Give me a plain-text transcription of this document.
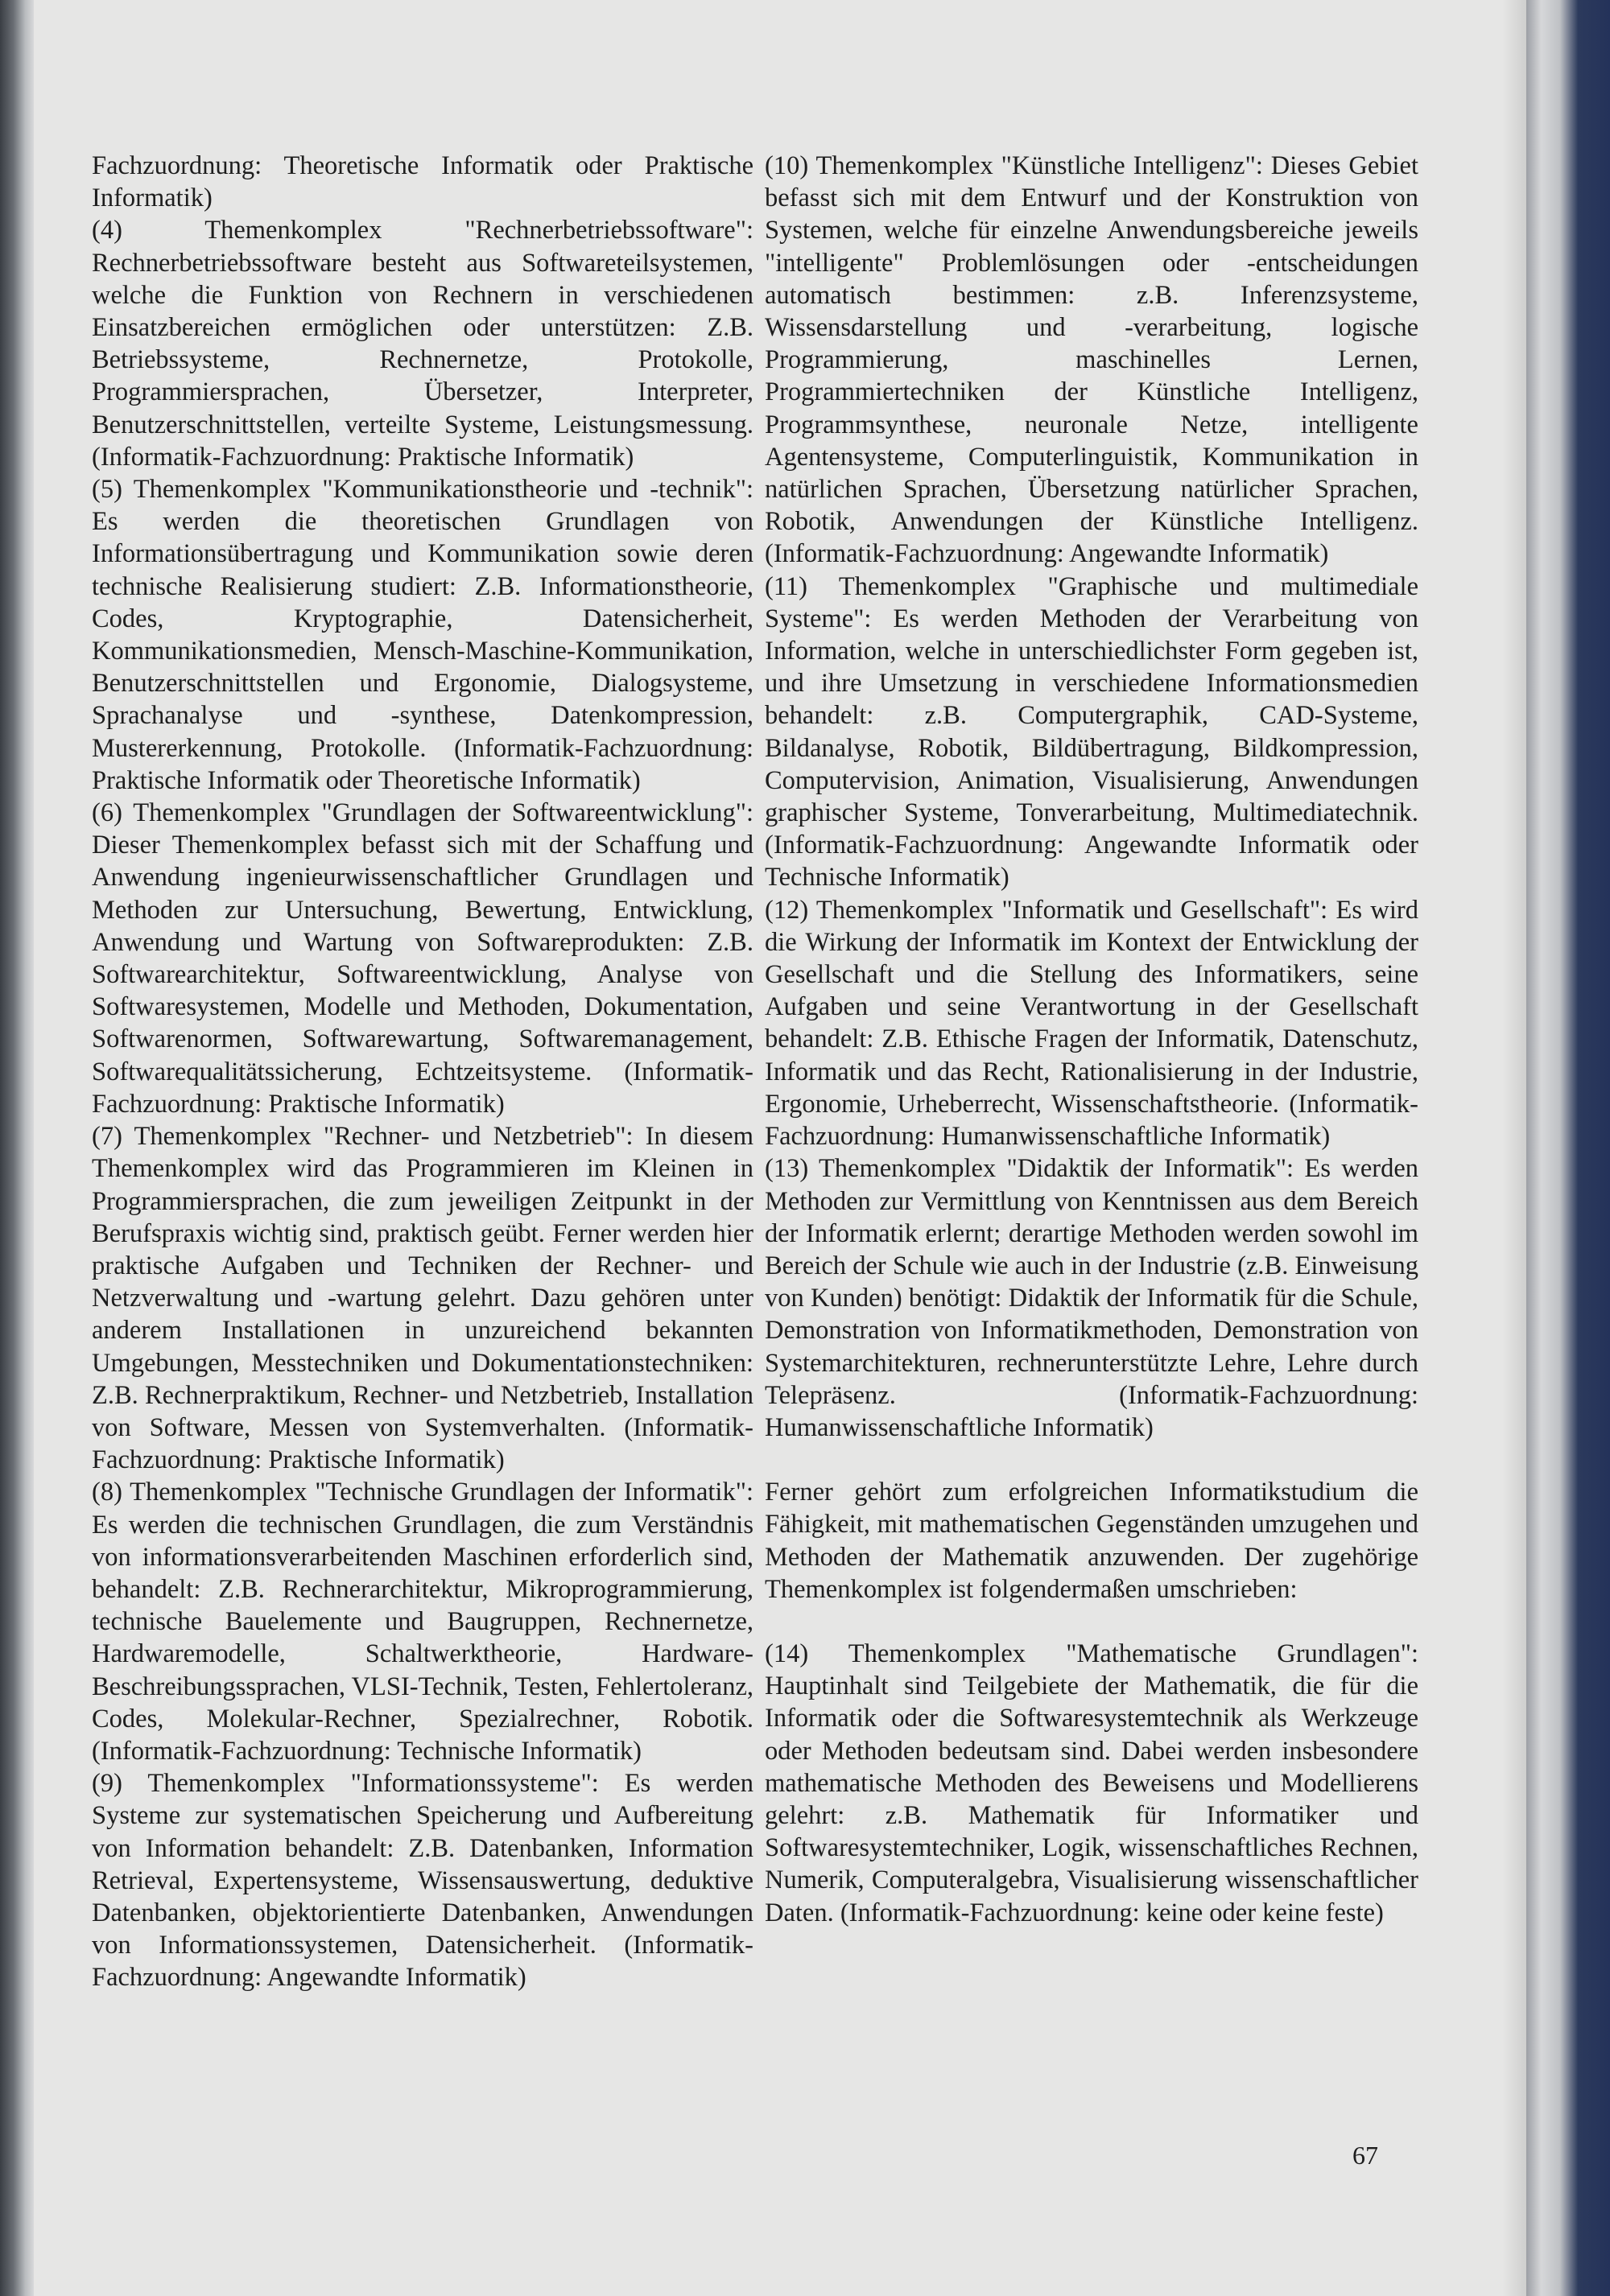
Fachzuordnung: Theoretische Informatik oder Praktische Informatik)

(4) Themenkomplex "Rechnerbetriebssoftware": Rechnerbetriebssoftware besteht aus Softwareteilsystemen, welche die Funktion von Rechnern in verschiedenen Einsatzbereichen ermöglichen oder unterstützen: Z.B. Betriebssysteme, Rechnernetze, Protokolle, Programmiersprachen, Übersetzer, Interpreter, Benutzerschnittstellen, verteilte Systeme, Leistungsmessung. (Informatik-Fachzuordnung: Praktische Informatik)

(5) Themenkomplex "Kommunikationstheorie und -technik": Es werden die theoretischen Grundlagen von Informationsübertragung und Kommunikation sowie deren technische Realisierung studiert: Z.B. Informationstheorie, Codes, Kryptographie, Datensicherheit, Kommunikationsmedien, Mensch-Maschine-Kommunikation, Benutzerschnittstellen und Ergonomie, Dialogsysteme, Sprachanalyse und -synthese, Datenkompression, Mustererkennung, Protokolle. (Informatik-Fachzuordnung: Praktische Informatik oder Theoretische Informatik)

(6) Themenkomplex "Grundlagen der Softwareentwicklung": Dieser Themenkomplex befasst sich mit der Schaffung und Anwendung ingenieurwissenschaftlicher Grundlagen und Methoden zur Untersuchung, Bewertung, Entwicklung, Anwendung und Wartung von Softwareprodukten: Z.B. Softwarearchitektur, Softwareentwicklung, Analyse von Softwaresystemen, Modelle und Methoden, Dokumentation, Softwarenormen, Softwarewartung, Softwaremanagement, Softwarequalitätssicherung, Echtzeitsysteme. (Informatik-Fachzuordnung: Praktische Informatik)

(7) Themenkomplex "Rechner- und Netzbetrieb": In diesem Themenkomplex wird das Programmieren im Kleinen in Programmiersprachen, die zum jeweiligen Zeitpunkt in der Berufspraxis wichtig sind, praktisch geübt. Ferner werden hier praktische Aufgaben und Techniken der Rechner- und Netzverwaltung und -wartung gelehrt. Dazu gehören unter anderem Installationen in unzureichend bekannten Umgebungen, Messtechniken und Dokumentationstechniken: Z.B. Rechnerpraktikum, Rechner- und Netzbetrieb, Installation von Software, Messen von Systemverhalten. (Informatik-Fachzuordnung: Praktische Informatik)

(8) Themenkomplex "Technische Grundlagen der Informatik": Es werden die technischen Grundlagen, die zum Verständnis von informationsverarbeitenden Maschinen erforderlich sind, behandelt: Z.B. Rechnerarchitektur, Mikroprogrammierung, technische Bauelemente und Baugruppen, Rechnernetze, Hardwaremodelle, Schaltwerktheorie, Hardware-Beschreibungssprachen, VLSI-Technik, Testen, Fehlertoleranz, Codes, Molekular-Rechner, Spezialrechner, Robotik. (Informatik-Fachzuordnung: Technische Informatik)

(9) Themenkomplex "Informationssysteme": Es werden Systeme zur systematischen Speicherung und Aufbereitung von Information behandelt: Z.B. Datenbanken, Information Retrieval, Expertensysteme, Wissensauswertung, deduktive Datenbanken, objektorientierte Datenbanken, Anwendungen von Informationssystemen, Datensicherheit. (Informatik-Fachzuordnung: Angewandte Informatik)

(10) Themenkomplex "Künstliche Intelligenz": Dieses Gebiet befasst sich mit dem Entwurf und der Konstruktion von Systemen, welche für einzelne Anwendungsbereiche jeweils "intelligente" Problemlösungen oder -entscheidungen automatisch bestimmen: z.B. Inferenzsysteme, Wissensdarstellung und -verarbeitung, logische Programmierung, maschinelles Lernen, Programmiertechniken der Künstliche Intelligenz, Programmsynthese, neuronale Netze, intelligente Agentensysteme, Computerlinguistik, Kommunikation in natürlichen Sprachen, Übersetzung natürlicher Sprachen, Robotik, Anwendungen der Künstliche Intelligenz. (Informatik-Fachzuordnung: Angewandte Informatik)

(11) Themenkomplex "Graphische und multimediale Systeme": Es werden Methoden der Verarbeitung von Information, welche in unterschiedlichster Form gegeben ist, und ihre Umsetzung in verschiedene Informationsmedien behandelt: z.B. Computergraphik, CAD-Systeme, Bildanalyse, Robotik, Bildübertragung, Bildkompression, Computervision, Animation, Visualisierung, Anwendungen graphischer Systeme, Tonverarbeitung, Multimediatechnik. (Informatik-Fachzuordnung: Angewandte Informatik oder Technische Informatik)

(12) Themenkomplex "Informatik und Gesellschaft": Es wird die Wirkung der Informatik im Kontext der Entwicklung der Gesellschaft und die Stellung des Informatikers, seine Aufgaben und seine Verantwortung in der Gesellschaft behandelt: Z.B. Ethische Fragen der Informatik, Datenschutz, Informatik und das Recht, Rationalisierung in der Industrie, Ergonomie, Urheberrecht, Wissenschaftstheorie. (Informatik-Fachzuordnung: Humanwissenschaftliche Informatik)

(13) Themenkomplex "Didaktik der Informatik": Es werden Methoden zur Vermittlung von Kenntnissen aus dem Bereich der Informatik erlernt; derartige Methoden werden sowohl im Bereich der Schule wie auch in der Industrie (z.B. Einweisung von Kunden) benötigt: Didaktik der Informatik für die Schule, Demonstration von Informatikmethoden, Demonstration von Systemarchitekturen, rechnerunterstützte Lehre, Lehre durch Telepräsenz. (Informatik-Fachzuordnung: Humanwissenschaftliche Informatik)

Ferner gehört zum erfolgreichen Informatikstudium die Fähigkeit, mit mathematischen Gegenständen umzugehen und Methoden der Mathematik anzuwenden. Der zugehörige Themenkomplex ist folgendermaßen umschrieben:

(14) Themenkomplex "Mathematische Grundlagen": Hauptinhalt sind Teilgebiete der Mathematik, die für die Informatik oder die Softwaresystemtechnik als Werkzeuge oder Methoden bedeutsam sind. Dabei werden insbesondere mathematische Methoden des Beweisens und Modellierens gelehrt: z.B. Mathematik für Informatiker und Softwaresystemtechniker, Logik, wissenschaftliches Rechnen, Numerik, Computeralgebra, Visualisierung wissenschaftlicher Daten. (Informatik-Fachzuordnung: keine oder keine feste)

67
